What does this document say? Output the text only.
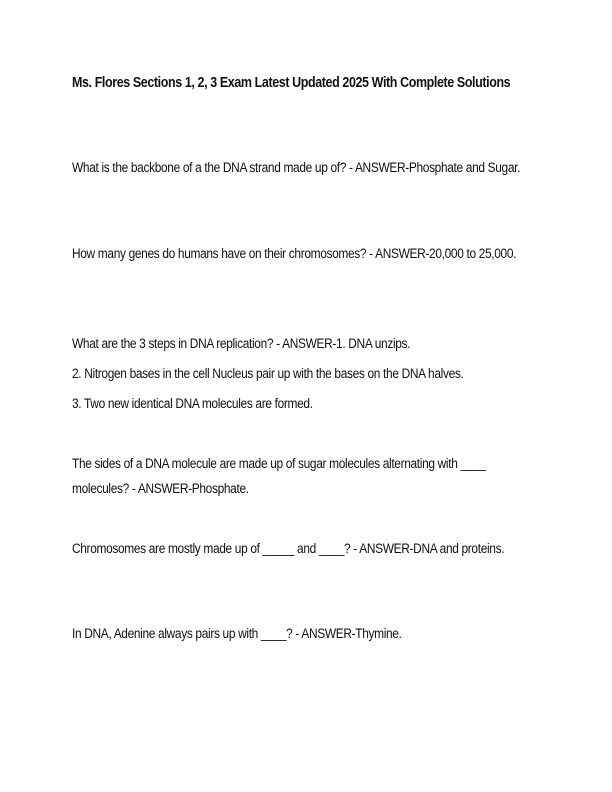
Ms. Flores Sections 1, 2, 3 Exam Latest Updated 2025 With Complete Solutions

What is the backbone of a the DNA strand made up of? - ANSWER-Phosphate and Sugar.

How many genes do humans have on their chromosomes? - ANSWER-20,000 to 25,000.

What are the 3 steps in DNA replication? - ANSWER-1. DNA unzips.

2. Nitrogen bases in the cell Nucleus pair up with the bases on the DNA halves.

3. Two new identical DNA molecules are formed.

The sides of a DNA molecule are made up of sugar molecules alternating with ____ molecules? - ANSWER-Phosphate.

Chromosomes are mostly made up of _____ and ____? - ANSWER-DNA and proteins.

In DNA, Adenine always pairs up with ____? - ANSWER-Thymine.
